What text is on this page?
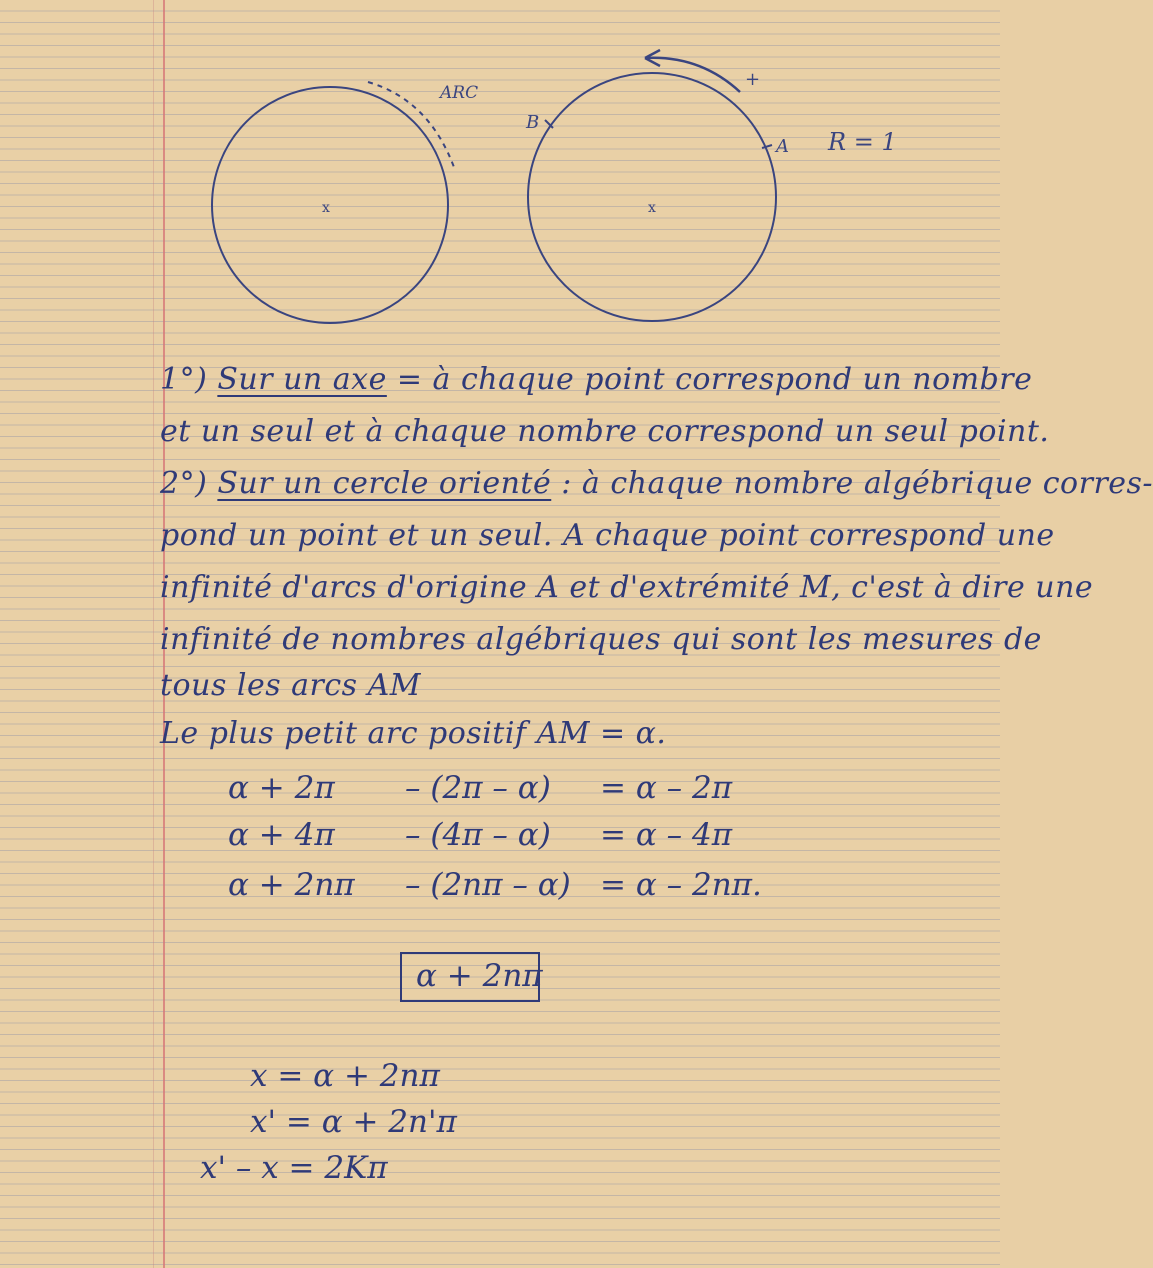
x
ARC
x
+
B
A R = 1
1°) Sur un axe = à chaque point correspond un nombre
et un seul et à chaque nombre correspond un seul point.
2°) Sur un cercle orienté : à chaque nombre algébrique corres-
pond un point et un seul. A chaque point correspond une
infinité d'arcs d'origine A et d'extrémité M, c'est à dire une
infinité de nombres algébriques qui sont les mesures de
tous les arcs AM
Le plus petit arc positif AM = α.
α + 2π – (2π – α) = α – 2π
α + 4π – (4π – α) = α – 4π
α + 2nπ – (2nπ – α) = α – 2nπ.
α + 2nπ
x = α + 2nπ
x' = α + 2n'π
x' – x = 2Kπ
